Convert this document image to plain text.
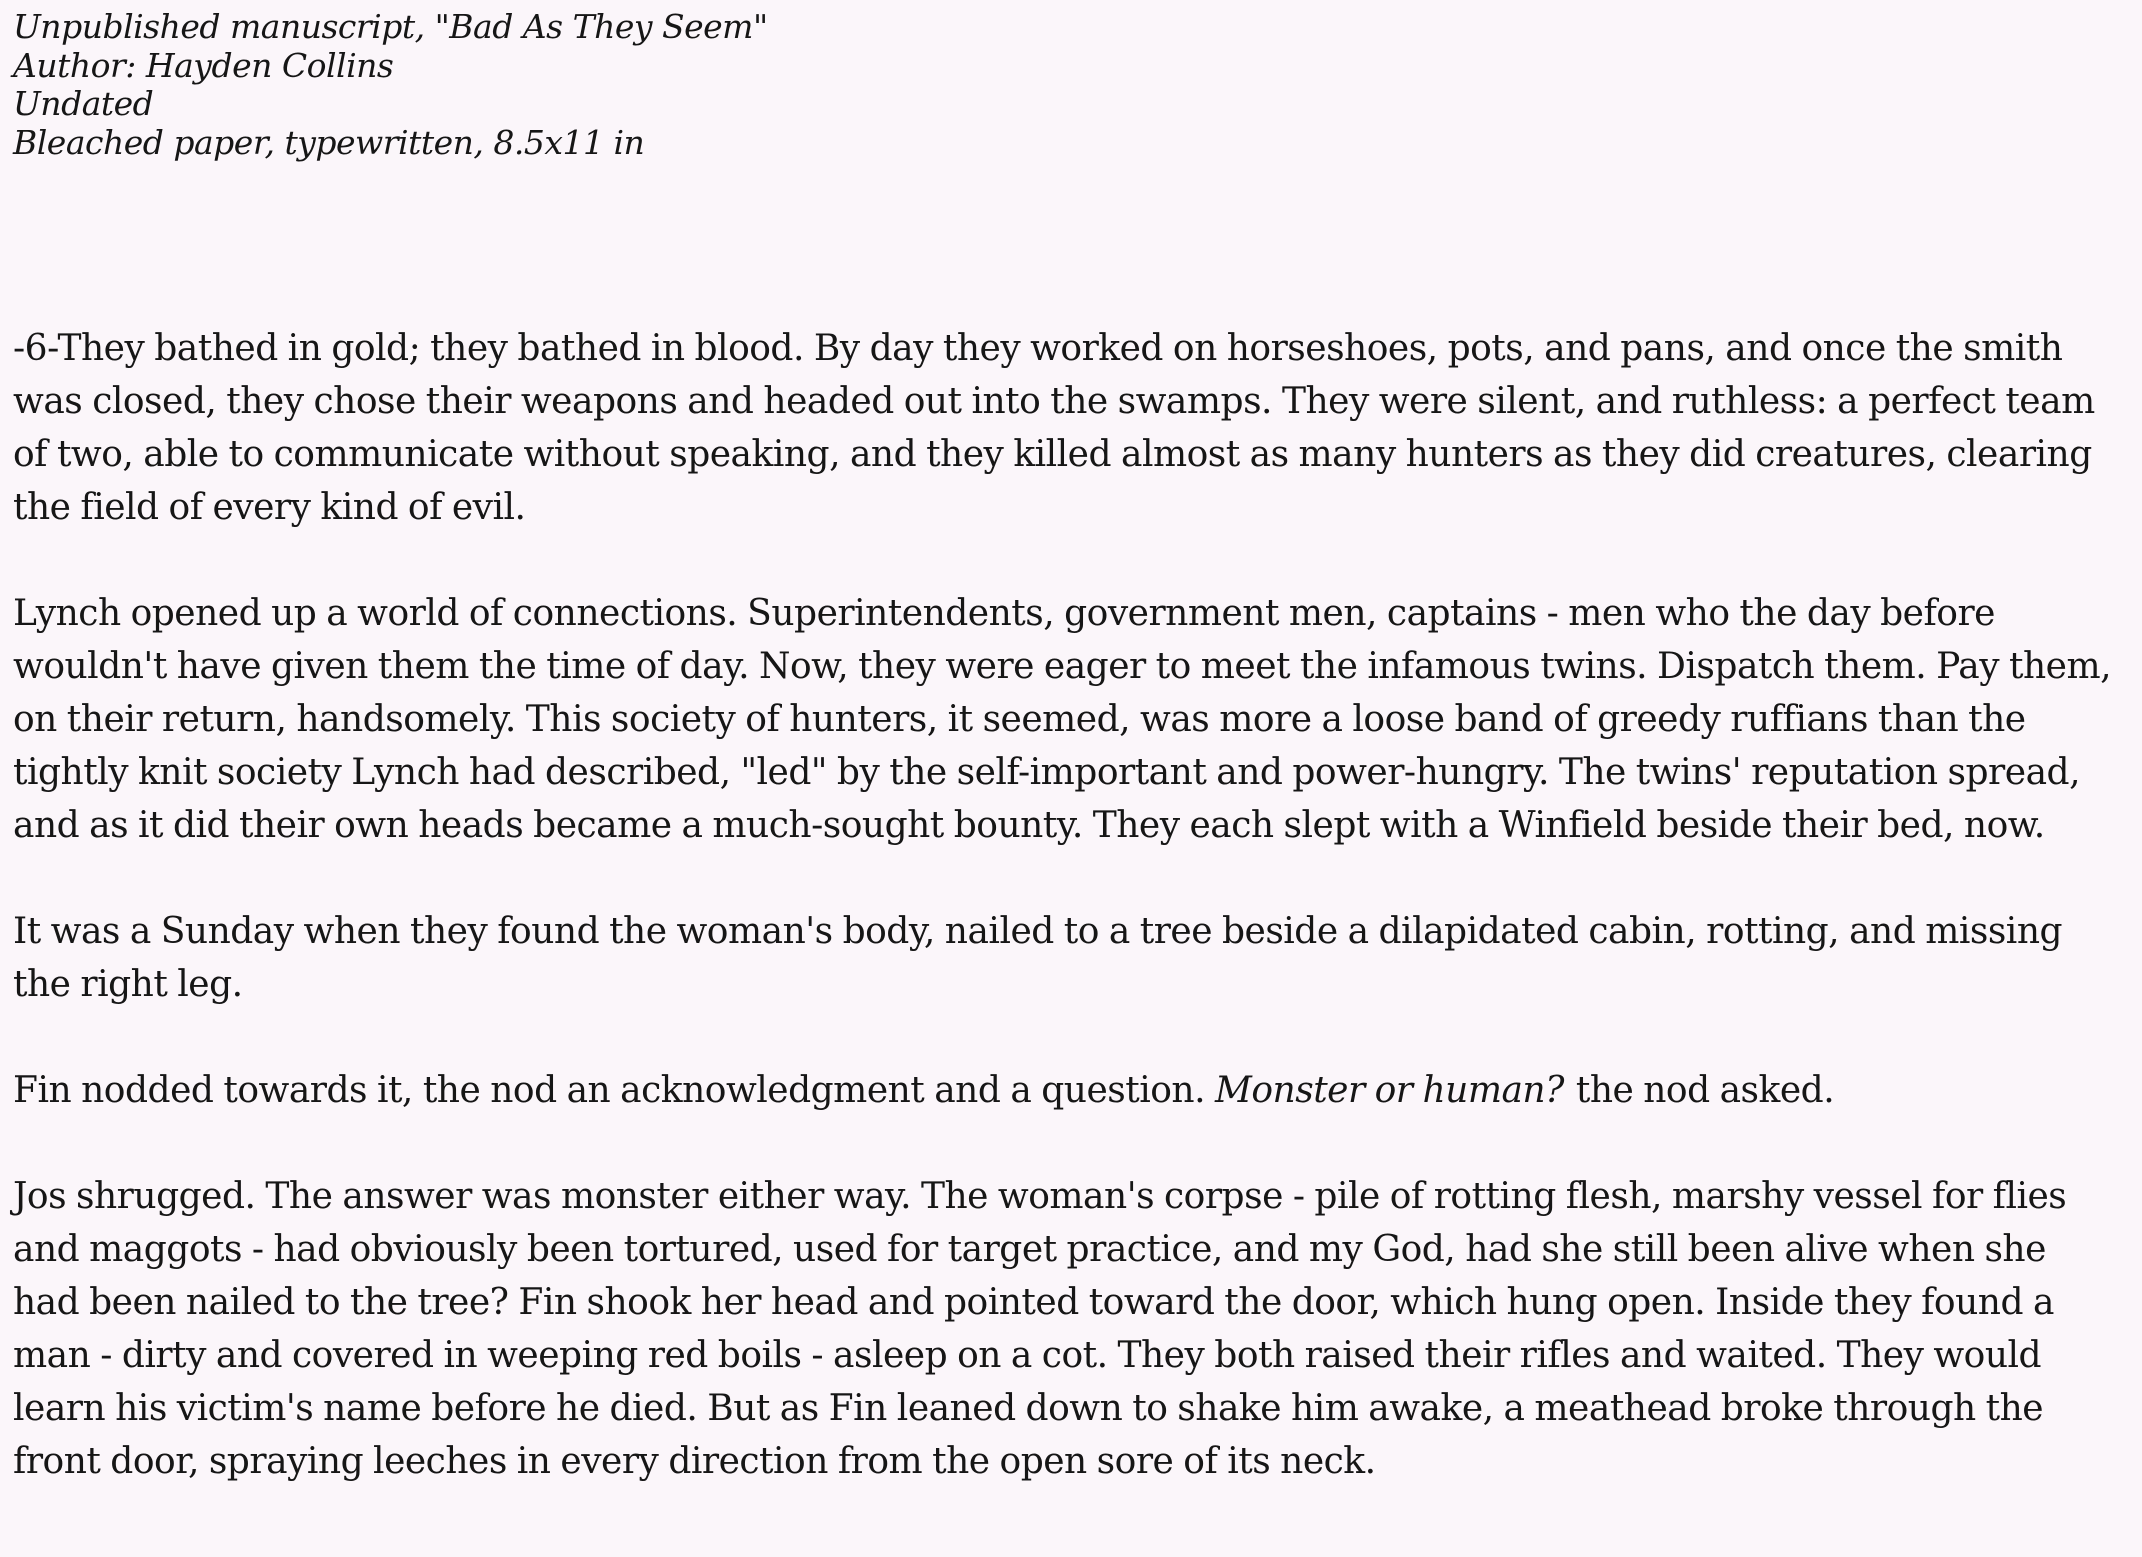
Unpublished manuscript, "Bad As They Seem"

Author: Hayden Collins

Undated

Bleached paper, typewritten, 8.5x11 in

-6-They bathed in gold; they bathed in blood. By day they worked on horseshoes, pots, and pans, and once the smith was closed, they chose their weapons and headed out into the swamps. They were silent, and ruthless: a perfect team of two, able to communicate without speaking, and they killed almost as many hunters as they did creatures, clearing the field of every kind of evil.

Lynch opened up a world of connections. Superintendents, government men, captains - men who the day before wouldn't have given them the time of day. Now, they were eager to meet the infamous twins. Dispatch them. Pay them, on their return, handsomely. This society of hunters, it seemed, was more a loose band of greedy ruffians than the tightly knit society Lynch had described, "led" by the self-important and power-hungry. The twins' reputation spread, and as it did their own heads became a much-sought bounty. They each slept with a Winfield beside their bed, now.

It was a Sunday when they found the woman's body, nailed to a tree beside a dilapidated cabin, rotting, and missing the right leg.

Fin nodded towards it, the nod an acknowledgment and a question. Monster or human? the nod asked.

Jos shrugged. The answer was monster either way. The woman's corpse - pile of rotting flesh, marshy vessel for flies and maggots - had obviously been tortured, used for target practice, and my God, had she still been alive when she had been nailed to the tree? Fin shook her head and pointed toward the door, which hung open. Inside they found a man - dirty and covered in weeping red boils - asleep on a cot. They both raised their rifles and waited. They would learn his victim's name before he died. But as Fin leaned down to shake him awake, a meathead broke through the front door, spraying leeches in every direction from the open sore of its neck.
